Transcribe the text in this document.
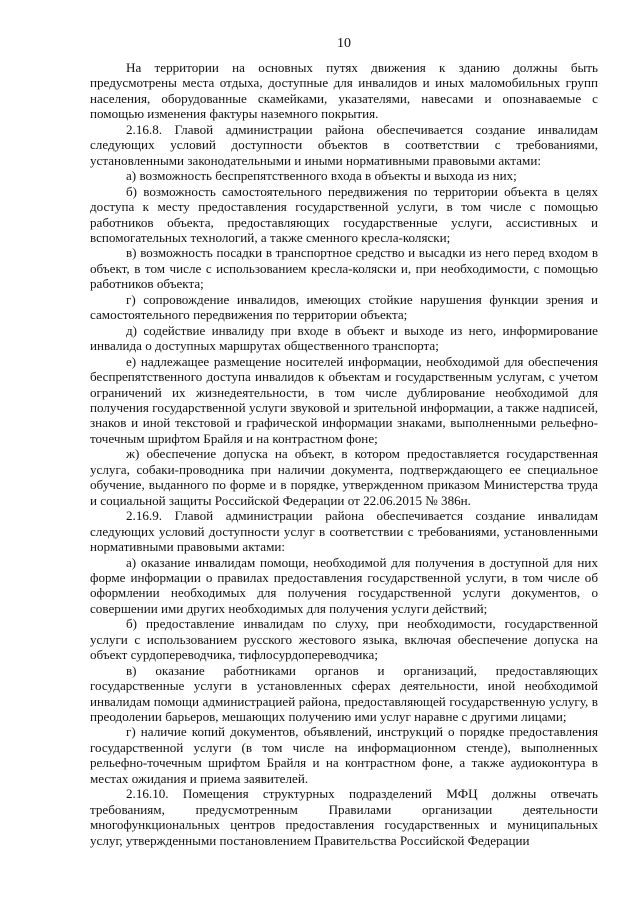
10

На территории на основных путях движения к зданию должны быть предусмотрены места отдыха, доступные для инвалидов и иных маломобильных групп населения, оборудованные скамейками, указателями, навесами и опознаваемые с помощью изменения фактуры наземного покрытия.

2.16.8. Главой администрации района обеспечивается создание инвалидам следующих условий доступности объектов в соответствии с требованиями, установленными законодательными и иными нормативными правовыми актами:

а) возможность беспрепятственного входа в объекты и выхода из них;

б) возможность самостоятельного передвижения по территории объекта в целях доступа к месту предоставления государственной услуги, в том числе с помощью работников объекта, предоставляющих государственные услуги, ассистивных и вспомогательных технологий, а также сменного кресла-коляски;

в) возможность посадки в транспортное средство и высадки из него перед входом в объект, в том числе с использованием кресла-коляски и, при необходимости, с помощью работников объекта;

г) сопровождение инвалидов, имеющих стойкие нарушения функции зрения и самостоятельного передвижения по территории объекта;

д) содействие инвалиду при входе в объект и выходе из него, информирование инвалида о доступных маршрутах общественного транспорта;

е) надлежащее размещение носителей информации, необходимой для обеспечения беспрепятственного доступа инвалидов к объектам и государственным услугам, с учетом ограничений их жизнедеятельности, в том числе дублирование необходимой для получения государственной услуги звуковой и зрительной информации, а также надписей, знаков и иной текстовой и графической информации знаками, выполненными рельефно-точечным шрифтом Брайля и на контрастном фоне;

ж) обеспечение допуска на объект, в котором предоставляется государственная услуга, собаки-проводника при наличии документа, подтверждающего ее специальное обучение, выданного по форме и в порядке, утвержденном приказом Министерства труда и социальной защиты Российской Федерации от 22.06.2015 № 386н.

2.16.9. Главой администрации района обеспечивается создание инвалидам следующих условий доступности услуг в соответствии с требованиями, установленными нормативными правовыми актами:

а) оказание инвалидам помощи, необходимой для получения в доступной для них форме информации о правилах предоставления государственной услуги, в том числе об оформлении необходимых для получения государственной услуги документов, о совершении ими других необходимых для получения услуги действий;

б) предоставление инвалидам по слуху, при необходимости, государственной услуги с использованием русского жестового языка, включая обеспечение допуска на объект сурдопереводчика, тифлосурдопереводчика;

в) оказание работниками органов и организаций, предоставляющих государственные услуги в установленных сферах деятельности, иной необходимой инвалидам помощи администрацией района, предоставляющей государственную услугу, в преодолении барьеров, мешающих получению ими услуг наравне с другими лицами;

г) наличие копий документов, объявлений, инструкций о порядке предоставления государственной услуги (в том числе на информационном стенде), выполненных рельефно-точечным шрифтом Брайля и на контрастном фоне, а также аудиоконтура в местах ожидания и приема заявителей.

2.16.10. Помещения структурных подразделений МФЦ должны отвечать требованиям, предусмотренным Правилами организации деятельности многофункциональных центров предоставления государственных и муниципальных услуг, утвержденными постановлением Правительства Российской Федерации
